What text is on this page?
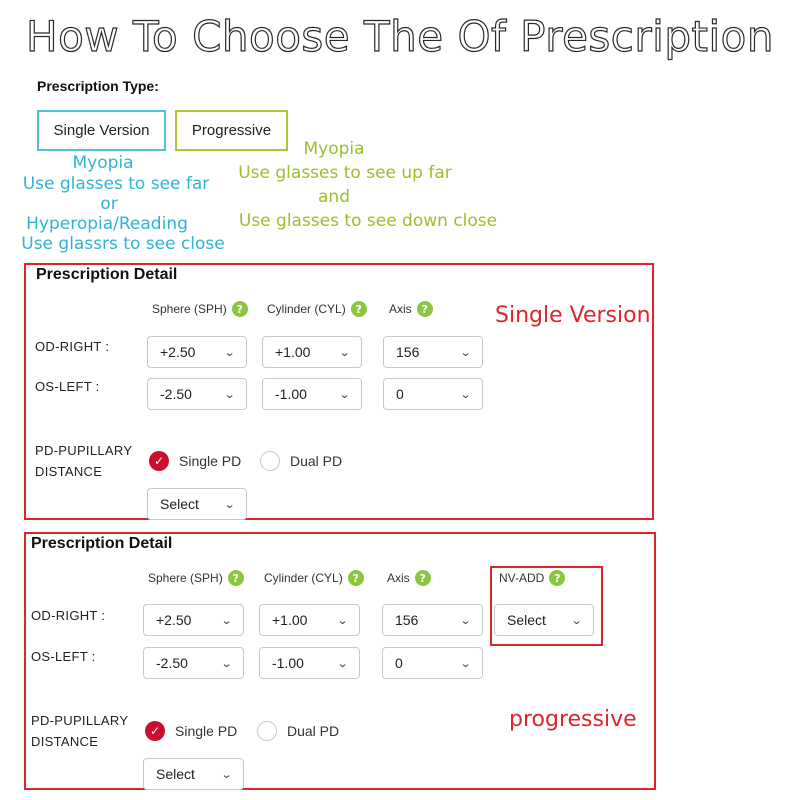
How To Choose The Of Prescription
Prescription Type:
Single Version	Progressive
Myopia
Use glasses to see far
or
Hyperopia/Reading
Use glassrs to see close
Myopia
Use glasses to see up far
and
Use glasses to see down close
Prescription Detail
Sphere (SPH) ?	Cylinder (CYL) ?	Axis ?	Single Version
OD-RIGHT :	+2.50	⌄	+1.00	⌄	156	⌄
OS-LEFT :	-2.50	⌄	-1.00	⌄	0	⌄
PD-PUPILLARY
DISTANCE
✓	Single PD	Dual PD
Select ⌄
Prescription Detail
Sphere (SPH) ?	Cylinder (CYL) ?	Axis ?	NV-ADD ?
OD-RIGHT :	+2.50	⌄	+1.00	⌄	156	⌄	Select ⌄
OS-LEFT :	-2.50	⌄	-1.00	⌄	0	⌄
progressive
PD-PUPILLARY
DISTANCE
✓	Single PD	Dual PD
Select ⌄
